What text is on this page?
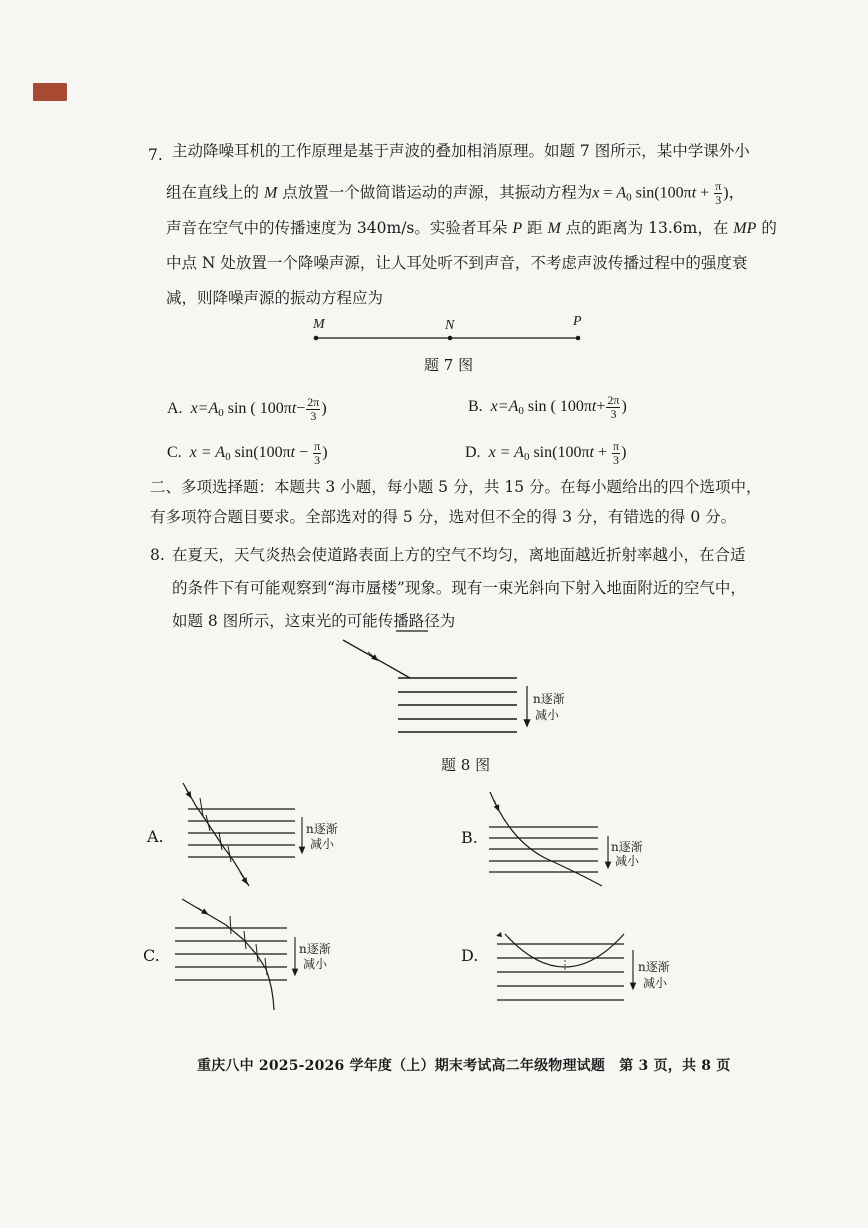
7. 主动降噪耳机的工作原理是基于声波的叠加相消原理。如题 7 图所示，某中学课外小
组在直线上的 M 点放置一个做简谐运动的声源，其振动方程为$x = A_0$ $\sin(100\pi t + \frac{\pi}{3}$ )，
声音在空气中的传播速度为 340m/s。实验者耳朵 P 距 M 点的距离为 13.6m，在 MP 的
中点 N 处放置一个降噪声源，让人耳处听不到声音，不考虑声波传播过程中的强度衰
减，则降噪声源的振动方程应为
M	N	P
题 7 图
A. $x=A_0$ sin ( $100\pi t- \frac{2\pi}{3}$ )	B. $x=A_0$ sin ( $100\pi t+ \frac{2\pi}{3}$ )
C. $x = A_0$ $\sin(100\pi t - \frac{\pi}{3}$ )	D. $x = A_0$ $\sin(100\pi t + \frac{\pi}{3}$ )
二、多项选择题：本题共 3 小题，每小题 5 分，共 15 分。在每小题给出的四个选项中，
有多项符合题目要求。全部选对的得 5 分，选对但不全的得 3 分，有错选的得 0 分。
8. 在夏天，天气炎热会使道路表面上方的空气不均匀，离地面越近折射率越小，在合适
的条件下有可能观察到“海市蜃楼”现象。现有一束光斜向下射入地面附近的空气中，
如题 8 图所示，这束光的可能传播路径为
n逐渐
减小
题 8 图
A.	n逐渐
减小	B.	n逐渐
减小
C.	n逐渐
减小	D.
n逐渐
减小
重庆八中 2025-2026 学年度（上）期末考试高二年级物理试题　第 3 页，共 8 页
